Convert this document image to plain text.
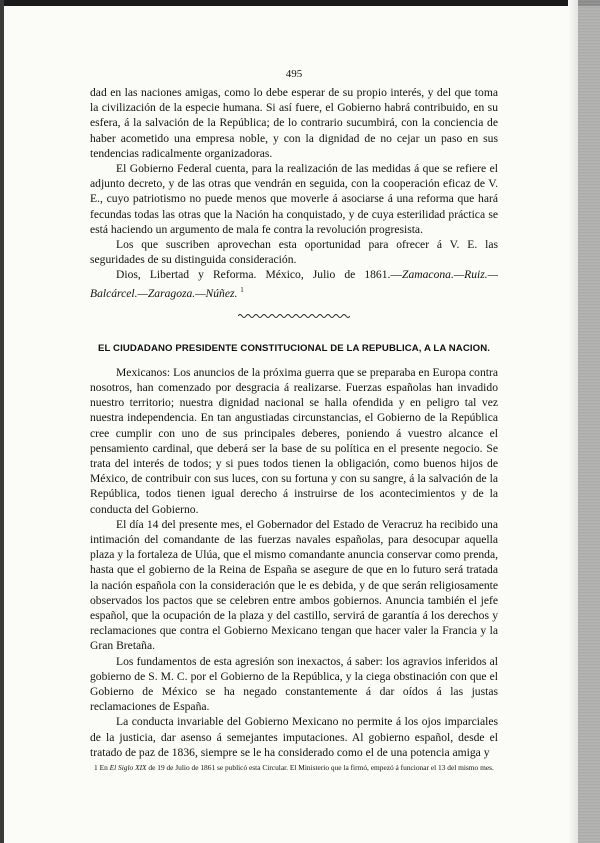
495

dad en las naciones amigas, como lo debe esperar de su propio interés, y del que toma la civilización de la especie humana. Si así fuere, el Gobierno habrá contribuido, en su esfera, á la salvación de la República; de lo contrario sucumbirá, con la conciencia de haber acometido una empresa noble, y con la dignidad de no cejar un paso en sus tendencias radicalmente organizadoras.

El Gobierno Federal cuenta, para la realización de las medidas á que se refiere el adjunto decreto, y de las otras que vendrán en seguida, con la cooperación eficaz de V. E., cuyo patriotismo no puede menos que moverle á asociarse á una reforma que hará fecundas todas las otras que la Nación ha conquistado, y de cuya esterilidad práctica se está haciendo un argumento de mala fe contra la revolución progresista.

Los que suscriben aprovechan esta oportunidad para ofrecer á V. E. las seguridades de su distinguida consideración.

Dios, Libertad y Reforma. México, Julio de 1861.—Zamacona.—Ruiz.—Balcárcel.—Zaragoza.—Núñez. $^1$

EL CIUDADANO PRESIDENTE CONSTITUCIONAL DE LA REPUBLICA, A LA NACION.

Mexicanos: Los anuncios de la próxima guerra que se preparaba en Europa contra nosotros, han comenzado por desgracia á realizarse. Fuerzas españolas han invadido nuestro territorio; nuestra dignidad nacional se halla ofendida y en peligro tal vez nuestra independencia. En tan angustiadas circunstancias, el Gobierno de la República cree cumplir con uno de sus principales deberes, poniendo á vuestro alcance el pensamiento cardinal, que deberá ser la base de su política en el presente negocio. Se trata del interés de todos; y si pues todos tienen la obligación, como buenos hijos de México, de contribuir con sus luces, con su fortuna y con su sangre, á la salvación de la República, todos tienen igual derecho á instruirse de los acontecimientos y de la conducta del Gobierno.

El día 14 del presente mes, el Gobernador del Estado de Veracruz ha recibido una intimación del comandante de las fuerzas navales españolas, para desocupar aquella plaza y la fortaleza de Ulúa, que el mismo comandante anuncia conservar como prenda, hasta que el gobierno de la Reina de España se asegure de que en lo futuro será tratada la nación española con la consideración que le es debida, y de que serán religiosamente observados los pactos que se celebren entre ambos gobiernos. Anuncia también el jefe español, que la ocupación de la plaza y del castillo, servirá de garantía á los derechos y reclamaciones que contra el Gobierno Mexicano tengan que hacer valer la Francia y la Gran Bretaña.

Los fundamentos de esta agresión son inexactos, á saber: los agravios inferidos al gobierno de S. M. C. por el Gobierno de la República, y la ciega obstinación con que el Gobierno de México se ha negado constantemente á dar oídos á las justas reclamaciones de España.

La conducta invariable del Gobierno Mexicano no permite á los ojos imparciales de la justicia, dar asenso á semejantes imputaciones. Al gobierno español, desde el tratado de paz de 1836, siempre se le ha considerado como el de una potencia amiga y

1 En El Siglo XIX de 19 de Julio de 1861 se publicó esta Circular. El Ministerio que la firmó, empezó á funcionar el 13 del mismo mes.
